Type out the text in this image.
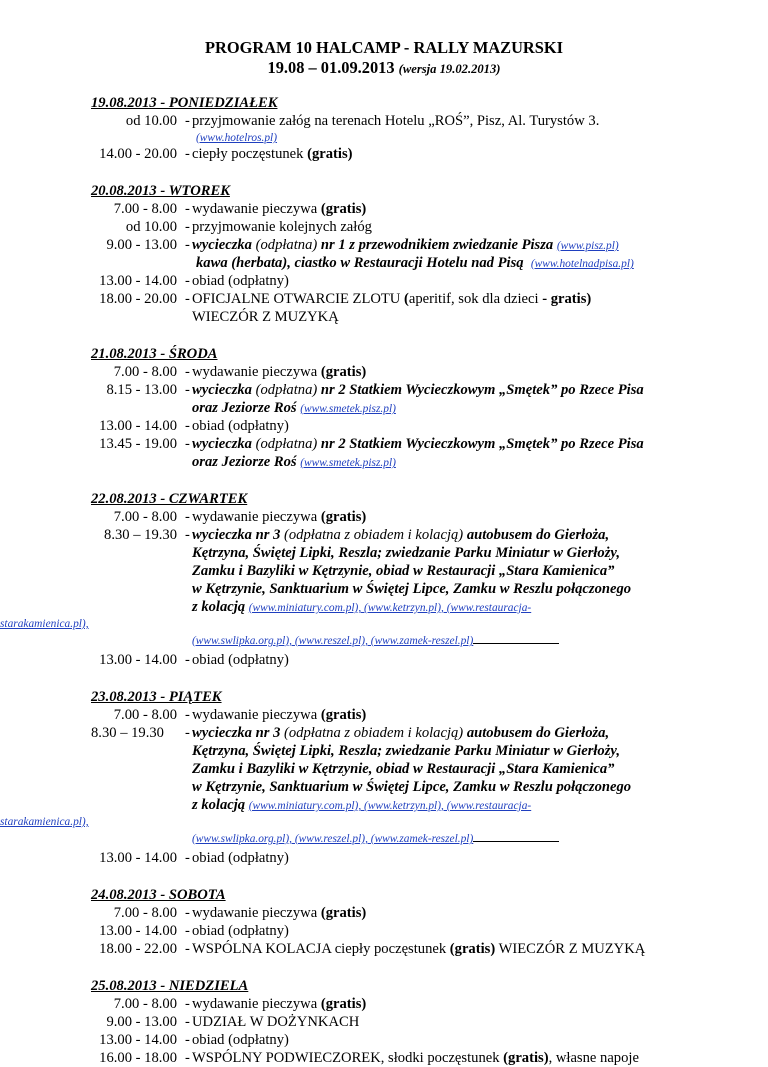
PROGRAM 10 HALCAMP - RALLY MAZURSKI
19.08 – 01.09.2013 (wersja 19.02.2013)
19.08.2013 - PONIEDZIAŁEK
od 10.00 - przyjmowanie załóg na terenach Hotelu „ROŚ”, Pisz, Al. Turystów 3.
(www.hotelros.pl)
14.00 - 20.00 - ciepły poczęstunek (gratis)
20.08.2013 - WTOREK
7.00 - 8.00 - wydawanie pieczywa (gratis)
od 10.00 - przyjmowanie kolejnych załóg
9.00 - 13.00 - wycieczka (odpłatna) nr 1 z przewodnikiem zwiedzanie Pisza (www.pisz.pl)
kawa (herbata), ciastko w Restauracji Hotelu nad Pisą (www.hotelnadpisa.pl)
13.00 - 14.00 - obiad (odpłatny)
18.00 - 20.00 - OFICJALNE OTWARCIE ZLOTU (aperitif, sok dla dzieci - gratis)
WIECZÓR Z MUZYKĄ
21.08.2013 - ŚRODA
7.00 - 8.00 - wydawanie pieczywa (gratis)
8.15 - 13.00 - wycieczka (odpłatna) nr 2 Statkiem Wycieczkowym „Smętek” po Rzece Pisa
oraz Jeziorze Roś (www.smetek.pisz.pl)
13.00 - 14.00 - obiad (odpłatny)
13.45 - 19.00 - wycieczka (odpłatna) nr 2 Statkiem Wycieczkowym „Smętek” po Rzece Pisa
oraz Jeziorze Roś (www.smetek.pisz.pl)
22.08.2013 - CZWARTEK
7.00 - 8.00 - wydawanie pieczywa (gratis)
8.30 – 19.30 - wycieczka nr 3 (odpłatna z obiadem i kolacją) autobusem do Gierłoża,
Kętrzyna, Świętej Lipki, Reszla; zwiedzanie Parku Miniatur w Gierłoży,
Zamku i Bazyliki w Kętrzynie, obiad w Restauracji „Stara Kamienica”
w Kętrzynie, Sanktuarium w Świętej Lipce, Zamku w Reszlu połączonego
z kolacją (www.miniatury.com.pl), (www.ketrzyn.pl), (www.restauracja-
starakamienica.pl),
(www.swlipka.org.pl), (www.reszel.pl), (www.zamek-reszel.pl)
13.00 - 14.00 - obiad (odpłatny)
23.08.2013 - PIĄTEK
7.00 - 8.00 - wydawanie pieczywa (gratis)
8.30 – 19.30 - wycieczka nr 3 (odpłatna z obiadem i kolacją) autobusem do Gierłoża,
Kętrzyna, Świętej Lipki, Reszla; zwiedzanie Parku Miniatur w Gierłoży,
Zamku i Bazyliki w Kętrzynie, obiad w Restauracji „Stara Kamienica”
w Kętrzynie, Sanktuarium w Świętej Lipce, Zamku w Reszlu połączonego
z kolacją (www.miniatury.com.pl), (www.ketrzyn.pl), (www.restauracja-
starakamienica.pl),
(www.swlipka.org.pl), (www.reszel.pl), (www.zamek-reszel.pl)
13.00 - 14.00 - obiad (odpłatny)
24.08.2013 - SOBOTA
7.00 - 8.00 - wydawanie pieczywa (gratis)
13.00 - 14.00 - obiad (odpłatny)
18.00 - 22.00 - WSPÓLNA KOLACJA ciepły poczęstunek (gratis) WIECZÓR Z MUZYKĄ
25.08.2013 - NIEDZIELA
7.00 - 8.00 - wydawanie pieczywa (gratis)
9.00 - 13.00 - UDZIAŁ W DOŻYNKACH
13.00 - 14.00 - obiad (odpłatny)
16.00 - 18.00 - WSPÓLNY PODWIECZOREK, słodki poczęstunek (gratis), własne napoje
